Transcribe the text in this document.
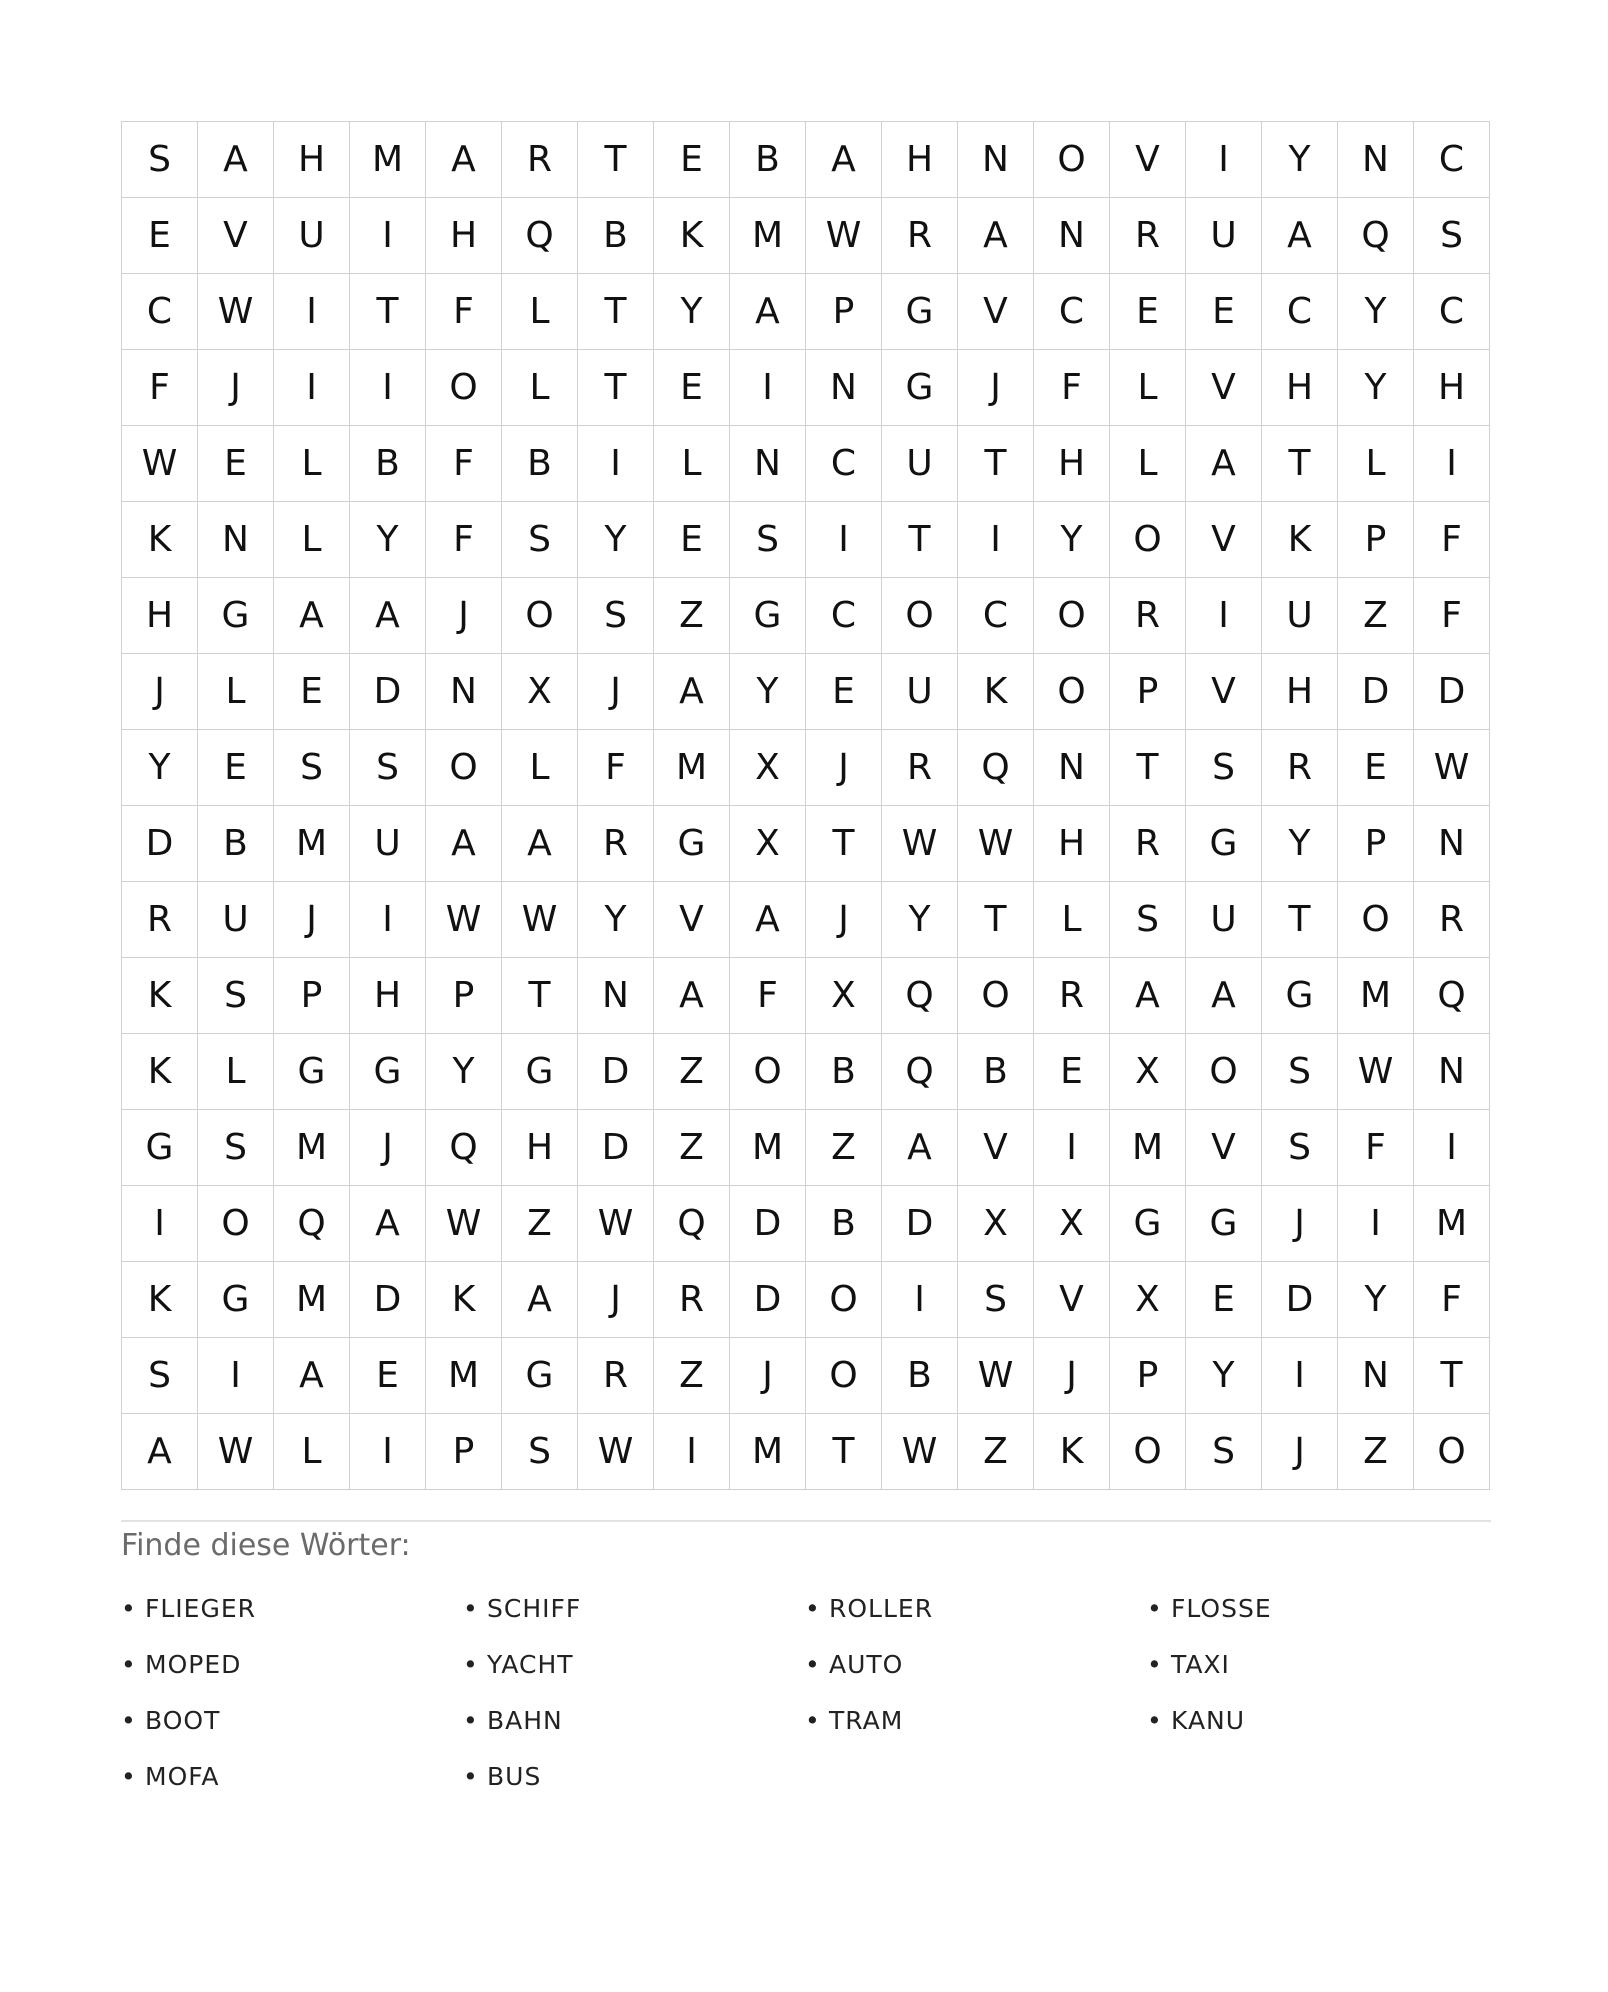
S	A	H	M	A	R	T	E	B	A	H	N	O	V	I	Y	N	C
E	V	U	I	H	Q	B	K	M	W	R	A	N	R	U	A	Q	S
C	W	I	T	F	L	T	Y	A	P	G	V	C	E	E	C	Y	C
F	J	I	I	O	L	T	E	I	N	G	J	F	L	V	H	Y	H
W	E	L	B	F	B	I	L	N	C	U	T	H	L	A	T	L	I
K	N	L	Y	F	S	Y	E	S	I	T	I	Y	O	V	K	P	F
H	G	A	A	J	O	S	Z	G	C	O	C	O	R	I	U	Z	F
J	L	E	D	N	X	J	A	Y	E	U	K	O	P	V	H	D	D
Y	E	S	S	O	L	F	M	X	J	R	Q	N	T	S	R	E	W
D	B	M	U	A	A	R	G	X	T	W	W	H	R	G	Y	P	N
R	U	J	I	W	W	Y	V	A	J	Y	T	L	S	U	T	O	R
K	S	P	H	P	T	N	A	F	X	Q	O	R	A	A	G	M	Q
K	L	G	G	Y	G	D	Z	O	B	Q	B	E	X	O	S	W	N
G	S	M	J	Q	H	D	Z	M	Z	A	V	I	M	V	S	F	I
I	O	Q	A	W	Z	W	Q	D	B	D	X	X	G	G	J	I	M
K	G	M	D	K	A	J	R	D	O	I	S	V	X	E	D	Y	F
S	I	A	E	M	G	R	Z	J	O	B	W	J	P	Y	I	N	T
A	W	L	I	P	S	W	I	M	T	W	Z	K	O	S	J	Z	O
Finde diese Wörter:
• FLIEGER	• SCHIFF	• ROLLER	• FLOSSE
• MOPED	• YACHT	• AUTO	• TAXI
• BOOT	• BAHN	• TRAM	• KANU
• MOFA	• BUS
